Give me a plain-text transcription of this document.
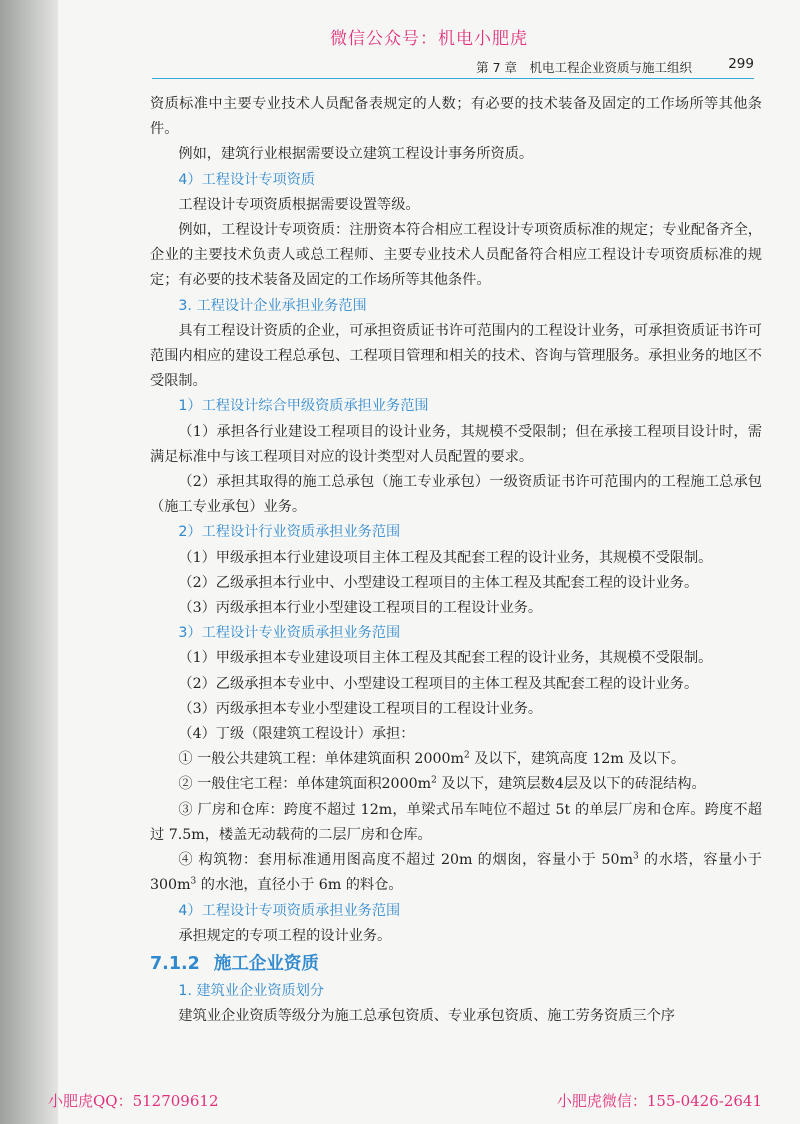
微信公众号：机电小肥虎
第 7 章　机电工程企业资质与施工组织	299

资质标准中主要专业技术人员配备表规定的人数；有必要的技术装备及固定的工作场所等其他条件。

例如，建筑行业根据需要设立建筑工程设计事务所资质。

4）工程设计专项资质

工程设计专项资质根据需要设置等级。

例如，工程设计专项资质：注册资本符合相应工程设计专项资质标准的规定；专业配备齐全，企业的主要技术负责人或总工程师、主要专业技术人员配备符合相应工程设计专项资质标准的规定；有必要的技术装备及固定的工作场所等其他条件。

3. 工程设计企业承担业务范围

具有工程设计资质的企业，可承担资质证书许可范围内的工程设计业务，可承担资质证书许可范围内相应的建设工程总承包、工程项目管理和相关的技术、咨询与管理服务。承担业务的地区不受限制。

1）工程设计综合甲级资质承担业务范围

（1）承担各行业建设工程项目的设计业务，其规模不受限制；但在承接工程项目设计时，需满足标准中与该工程项目对应的设计类型对人员配置的要求。

（2）承担其取得的施工总承包（施工专业承包）一级资质证书许可范围内的工程施工总承包（施工专业承包）业务。

2）工程设计行业资质承担业务范围

（1）甲级承担本行业建设项目主体工程及其配套工程的设计业务，其规模不受限制。

（2）乙级承担本行业中、小型建设工程项目的主体工程及其配套工程的设计业务。

（3）丙级承担本行业小型建设工程项目的工程设计业务。

3）工程设计专业资质承担业务范围

（1）甲级承担本专业建设项目主体工程及其配套工程的设计业务，其规模不受限制。

（2）乙级承担本专业中、小型建设工程项目的主体工程及其配套工程的设计业务。

（3）丙级承担本专业小型建设工程项目的工程设计业务。

（4）丁级（限建筑工程设计）承担：

① 一般公共建筑工程：单体建筑面积 $2000m^2$ 及以下，建筑高度 12m 及以下。

② 一般住宅工程：单体建筑面积$2000m^2$ 及以下，建筑层数4层及以下的砖混结构。

③ 厂房和仓库：跨度不超过 12m，单梁式吊车吨位不超过 5t 的单层厂房和仓库。跨度不超过 7.5m，楼盖无动载荷的二层厂房和仓库。

④ 构筑物：套用标准通用图高度不超过 20m 的烟囱，容量小于 $50m^3$ 的水塔，容量小于 $300m^3$ 的水池，直径小于 6m 的料仓。

4）工程设计专项资质承担业务范围

承担规定的专项工程的设计业务。

7.1.2 施工企业资质

1. 建筑业企业资质划分

建筑业企业资质等级分为施工总承包资质、专业承包资质、施工劳务资质三个序

小肥虎QQ：512709612	小肥虎微信：155-0426-2641
